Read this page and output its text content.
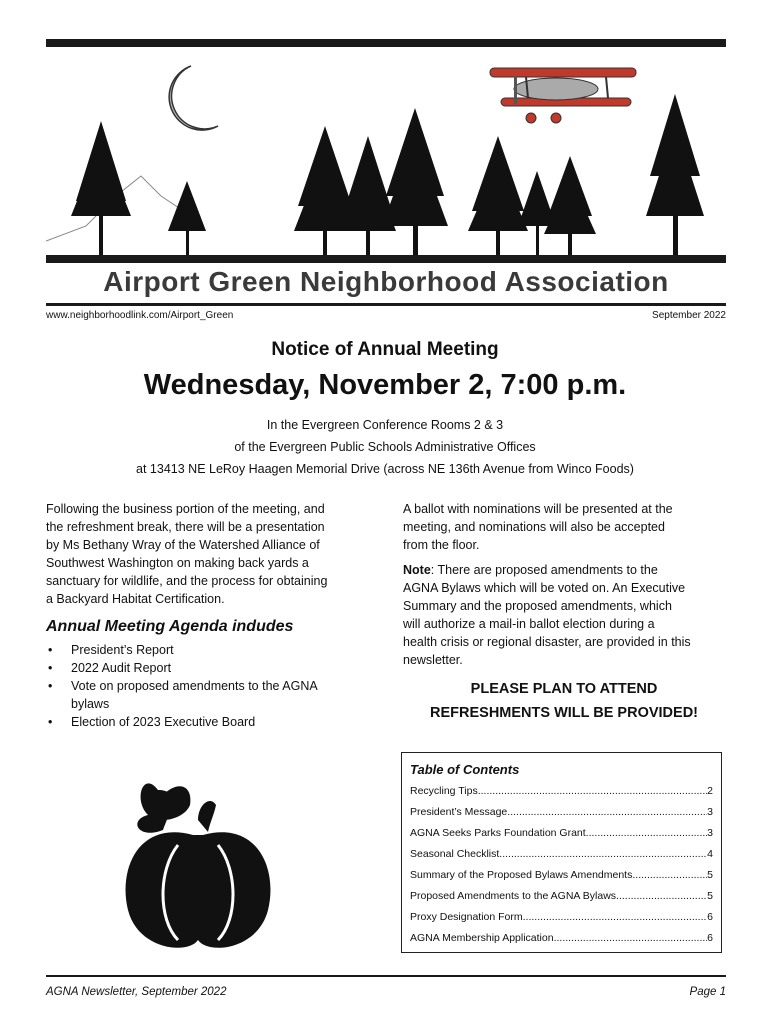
Airport Green Neighborhood Association
www.neighborhoodlink.com/Airport_Green	September 2022
Notice of Annual Meeting
Wednesday, November 2, 7:00 p.m.
In the Evergreen Conference Rooms 2 & 3
of the Evergreen Public Schools Administrative Offices
at 13413 NE LeRoy Haagen Memorial Drive (across NE 136th Avenue from Winco Foods)
Following the business portion of the meeting, and
the refreshment break, there will be a presentation
by Ms Bethany Wray of the Watershed Alliance of
Southwest Washington on making back yards a
sanctuary for wildlife, and the process for obtaining
a Backyard Habitat Certification.
Annual Meeting Agenda indudes
• President’s Report
• 2022 Audit Report
• Vote on proposed amendments to the AGNA bylaws
• Election of 2023 Executive Board
A ballot with nominations will be presented at the
meeting, and nominations will also be accepted
from the floor.
Note: There are proposed amendments to the
AGNA Bylaws which will be voted on. An Executive
Summary and the proposed amendments, which
will authorize a mail-in ballot election during a
health crisis or regional disaster, are provided in this
newsletter.
PLEASE PLAN TO ATTEND
REFRESHMENTS WILL BE PROVIDED!
Table of Contents
Recycling Tips .....	2
President’s Message .....	3
AGNA Seeks Parks Foundation Grant .....	3
Seasonal Checklist .....	4
Summary of the Proposed Bylaws Amendments .....	5
Proposed Amendments to the AGNA Bylaws .....	5
Proxy Designation Form .....	6
AGNA Membership Application .....	6
AGNA Newsletter, September 2022	Page 1
